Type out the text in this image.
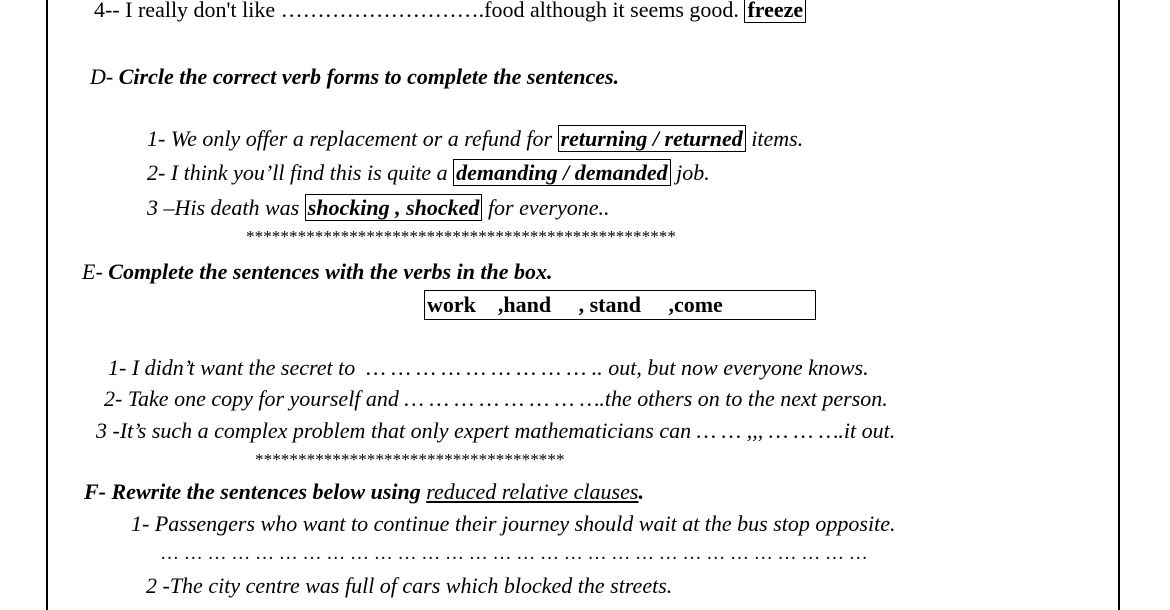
4-- I really don't like ……………………….food although it seems good. freeze
D- Circle the correct verb forms to complete the sentences.
1- We only offer a replacement or a refund for returning / returned items.
2- I think you’ll find this is quite a demanding / demanded job.
3 –His death was shocking , shocked for everyone..
**************************************************
E- Complete the sentences with the verbs in the box.
work    ,hand     , stand     ,come
1- I didn’t want the secret to  … … … … … … … … … .. out, but now everyone knows.
2- Take one copy for yourself and … … … … … … … ….the others on to the next person.
3 -It’s such a complex problem that only expert mathematicians can … … ,,, … … ….it out.
************************************
F- Rewrite the sentences below using reduced relative clauses.
1- Passengers who want to continue their journey should wait at the bus stop opposite.
… … … … … … … … … … … … … … … … … … … … … … … … … … … … … …
2 -The city centre was full of cars which blocked the streets.
